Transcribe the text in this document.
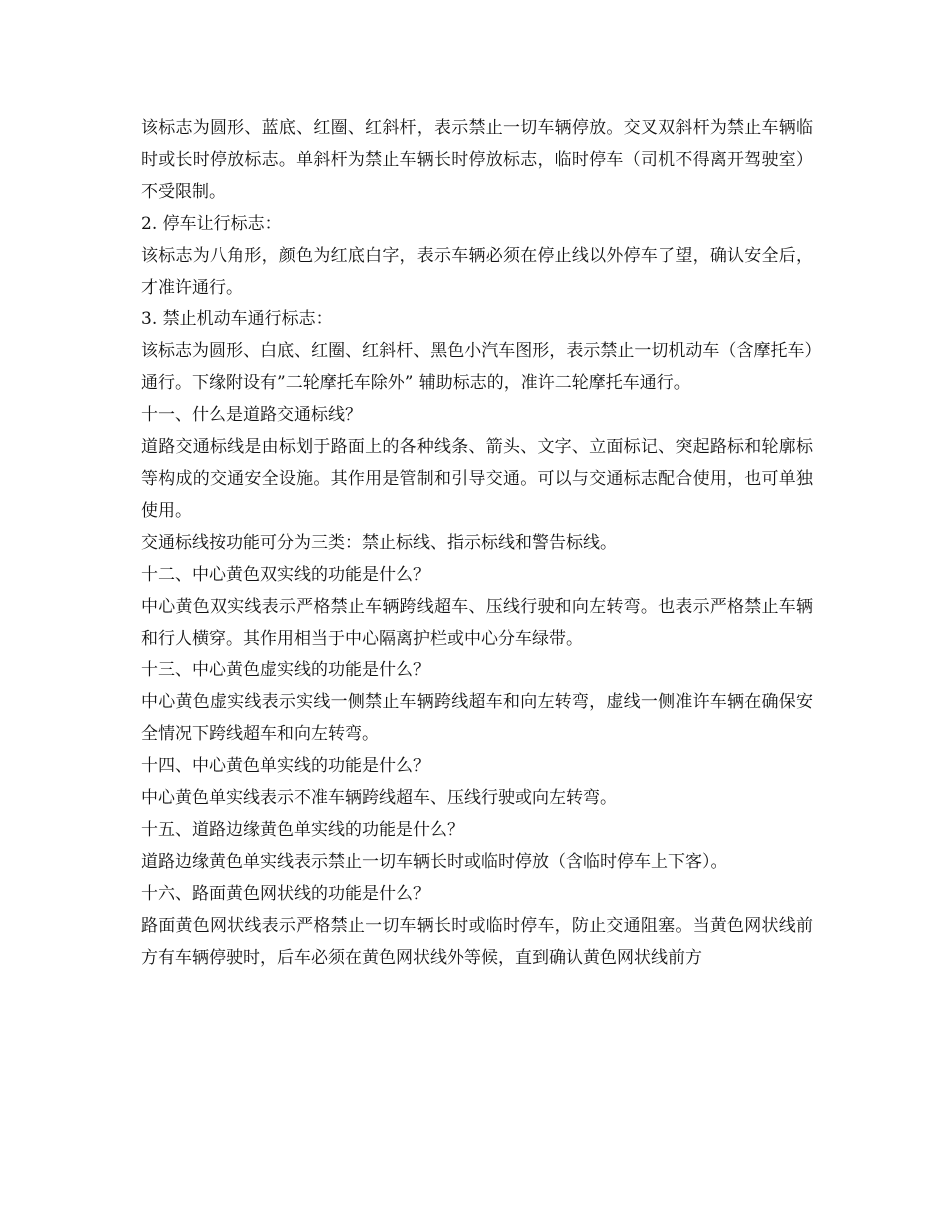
该标志为圆形、蓝底、红圈、红斜杆，表示禁止一切车辆停放。交叉双斜杆为禁止车辆临时或长时停放标志。单斜杆为禁止车辆长时停放标志，临时停车（司机不得离开驾驶室）不受限制。

2. 停车让行标志：

该标志为八角形，颜色为红底白字，表示车辆必须在停止线以外停车了望，确认安全后，才准许通行。

3. 禁止机动车通行标志：

该标志为圆形、白底、红圈、红斜杆、黑色小汽车图形，表示禁止一切机动车（含摩托车）通行。下缘附设有”二轮摩托车除外” 辅助标志的，准许二轮摩托车通行。

十一、什么是道路交通标线？

道路交通标线是由标划于路面上的各种线条、箭头、文字、立面标记、突起路标和轮廓标等构成的交通安全设施。其作用是管制和引导交通。可以与交通标志配合使用，也可单独使用。

交通标线按功能可分为三类：禁止标线、指示标线和警告标线。

十二、中心黄色双实线的功能是什么？

中心黄色双实线表示严格禁止车辆跨线超车、压线行驶和向左转弯。也表示严格禁止车辆和行人横穿。其作用相当于中心隔离护栏或中心分车绿带。

十三、中心黄色虚实线的功能是什么？

中心黄色虚实线表示实线一侧禁止车辆跨线超车和向左转弯，虚线一侧准许车辆在确保安全情况下跨线超车和向左转弯。

十四、中心黄色单实线的功能是什么？

中心黄色单实线表示不准车辆跨线超车、压线行驶或向左转弯。

十五、道路边缘黄色单实线的功能是什么？

道路边缘黄色单实线表示禁止一切车辆长时或临时停放（含临时停车上下客）。

十六、路面黄色网状线的功能是什么？

路面黄色网状线表示严格禁止一切车辆长时或临时停车，防止交通阻塞。当黄色网状线前方有车辆停驶时，后车必须在黄色网状线外等候，直到确认黄色网状线前方
